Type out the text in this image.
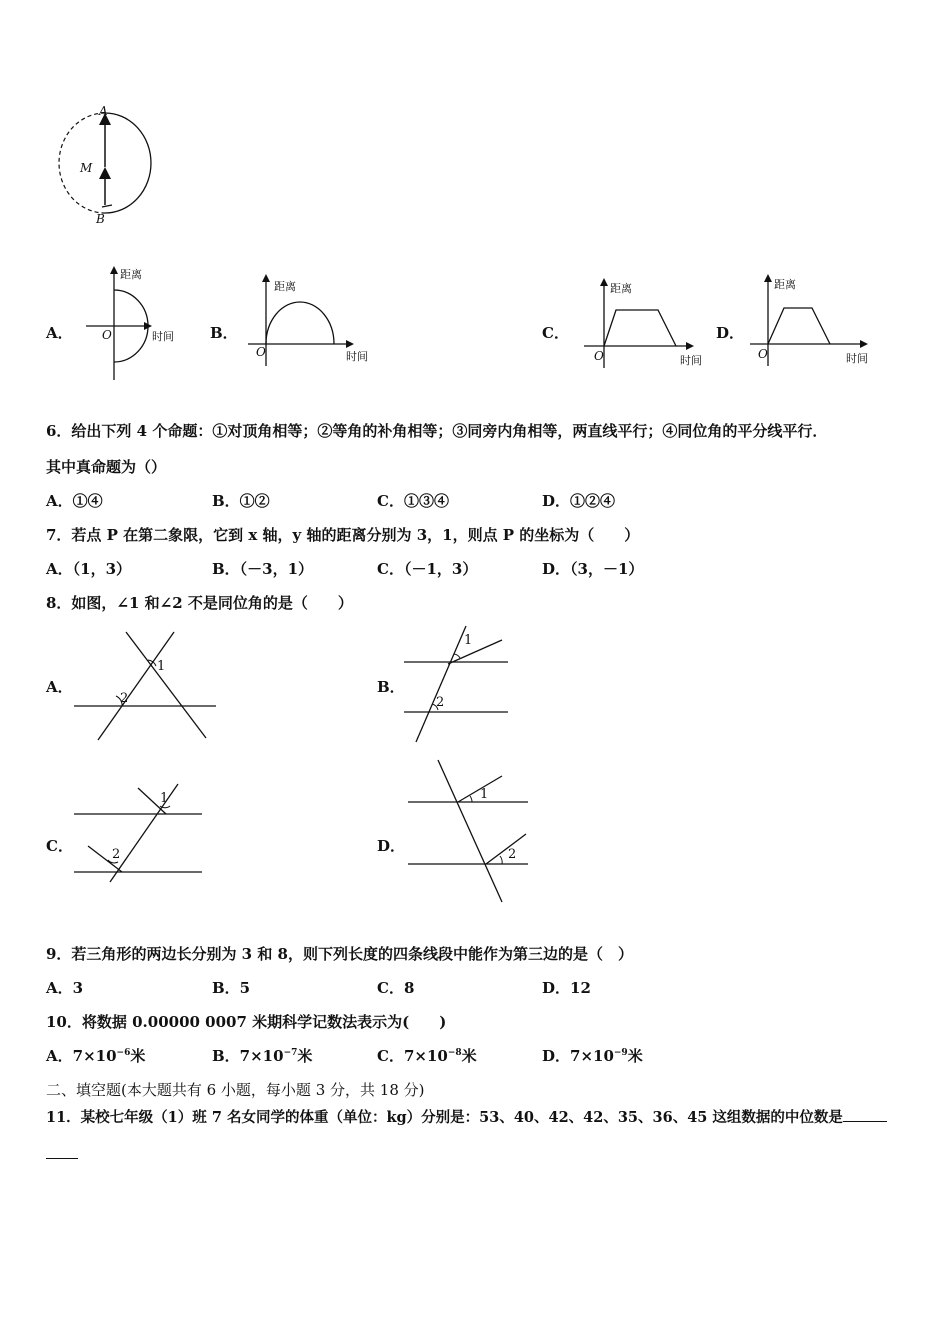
A
M
B
A．
距离
时间
O	B．
距离
时间
O
C．
距离
时间
O
D．
距离
时间
O
6．给出下列 4 个命题：①对顶角相等；②等角的补角相等；③同旁内角相等，两直线平行；④同位角的平分线平行．
其中真命题为（）
A．①④	B．①②	C．①③④	D．①②④
7．若点 P 在第二象限，它到 x 轴，y 轴的距离分别为 3，1，则点 P 的坐标为（　　）
A．（1，3）	B．（－3，1）	C．（－1，3）	D．（3，－1）
8．如图，∠1 和∠2 不是同位角的是（　　）
A．
1
2
B．
1
2
C．
1
2	D．
1
2
9．若三角形的两边长分别为 3 和 8，则下列长度的四条线段中能作为第三边的是（　）
A．3	B．5	C．8	D．12
10．将数据 0.00000 0007 米期科学记数法表示为(　　)
A．$7\times 10^{-6}$米	B．$7\times 10^{-7}$米	C．$7\times 10^{-8}$米	D．$7\times 10^{-9}$米
二、填空题(本大题共有 6 小题，每小题 3 分，共 18 分)
11．某校七年级（1）班 7 名女同学的体重（单位：kg）分别是：53、40、42、42、35、36、45 这组数据的中位数是
